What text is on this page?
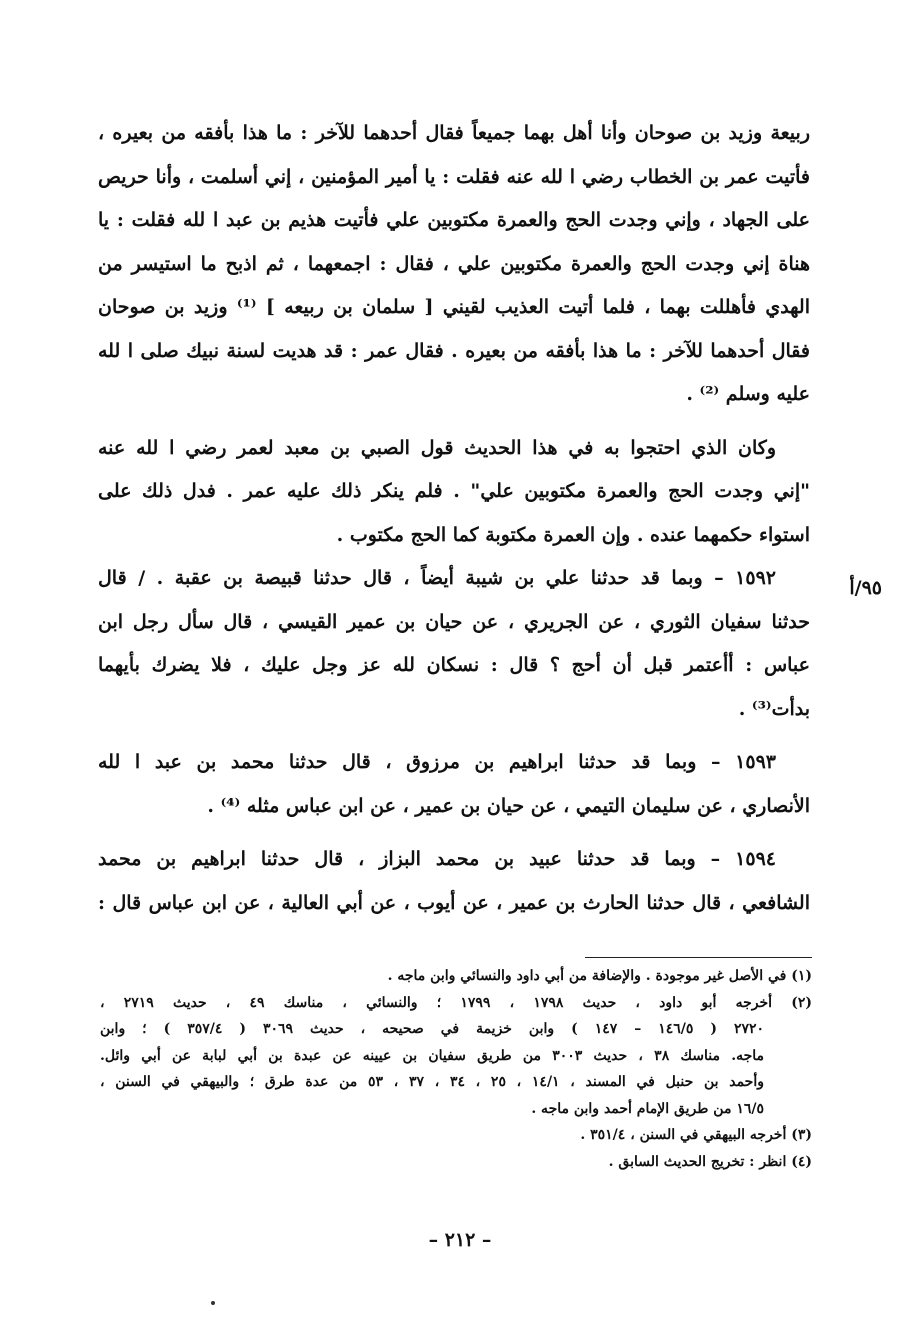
ربيعة وزيد بن صوحان وأنا أهل بهما جميعاً فقال أحدهما للآخر : ما هذا بأفقه من بعيره ،
فأتيت عمر بن الخطاب رضي ا لله عنه فقلت : يا أمير المؤمنين ، إني أسلمت ، وأنا حريص
على الجهاد ، وإني وجدت الحج والعمرة مكتوبين علي فأتيت هذيم بن عبد ا لله فقلت : يا
هناة إني وجدت الحج والعمرة مكتوبين علي ، فقال : اجمعهما ، ثم اذبح ما استيسر من
الهدي فأهللت بهما ، فلما أتيت العذيب لقيني [ سلمان بن ربيعه ] ⁽¹⁾ وزيد بن صوحان
فقال أحدهما للآخر : ما هذا بأفقه من بعيره . فقال عمر : قد هديت لسنة نبيك صلى ا لله
عليه وسلم ⁽²⁾ .
وكان الذي احتجوا به في هذا الحديث قول الصبي بن معبد لعمر رضي ا لله عنه
"إني وجدت الحج والعمرة مكتوبين علي" . فلم ينكر ذلك عليه عمر . فدل ذلك على
استواء حكمهما عنده . وإن العمرة مكتوبة كما الحج مكتوب .
١٥٩٢ – وبما قد حدثنا علي بن شيبة أيضاً ، قال حدثنا قبيصة بن عقبة . / قال
حدثنا سفيان الثوري ، عن الجريري ، عن حيان بن عمير القيسي ، قال سأل رجل ابن
عباس : أأعتمر قبل أن أحج ؟ قال : نسكان لله عز وجل عليك ، فلا يضرك بأيهما
بدأت⁽³⁾ .
١٥٩٣ – وبما قد حدثنا ابراهيم بن مرزوق ، قال حدثنا محمد بن عبد ا لله
الأنصاري ، عن سليمان التيمي ، عن حيان بن عمير ، عن ابن عباس مثله ⁽⁴⁾ .
١٥٩٤ – وبما قد حدثنا عبيد بن محمد البزاز ، قال حدثنا ابراهيم بن محمد
الشافعي ، قال حدثنا الحارث بن عمير ، عن أيوب ، عن أبي العالية ، عن ابن عباس قال :
٩٥/أ
(١) في الأصل غير موجودة . والإضافة من أبي داود والنسائي وابن ماجه .
(٢) أخرجه أبو داود ، حديث ١٧٩٨ ، ١٧٩٩ ؛ والنسائي ، مناسك ٤٩ ، حديث ٢٧١٩ ،
٢٧٢٠ ( ١٤٦/٥ – ١٤٧ ) وابن خزيمة في صحيحه ، حديث ٣٠٦٩ ( ٣٥٧/٤ ) ؛ وابن
ماجه. مناسك ٣٨ ، حديث ٣٠٠٣ من طريق سفيان بن عيينه عن عبدة بن أبي لبابة عن أبي وائل.
وأحمد بن حنبل في المسند ، ١٤/١ ، ٢٥ ، ٣٤ ، ٣٧ ، ٥٣ من عدة طرق ؛ والبيهقي في السنن ،
١٦/٥ من طريق الإمام أحمد وابن ماجه .
(٣) أخرجه البيهقي في السنن ، ٣٥١/٤ .
(٤) انظر : تخريج الحديث السابق .
– ٢١٢ –
